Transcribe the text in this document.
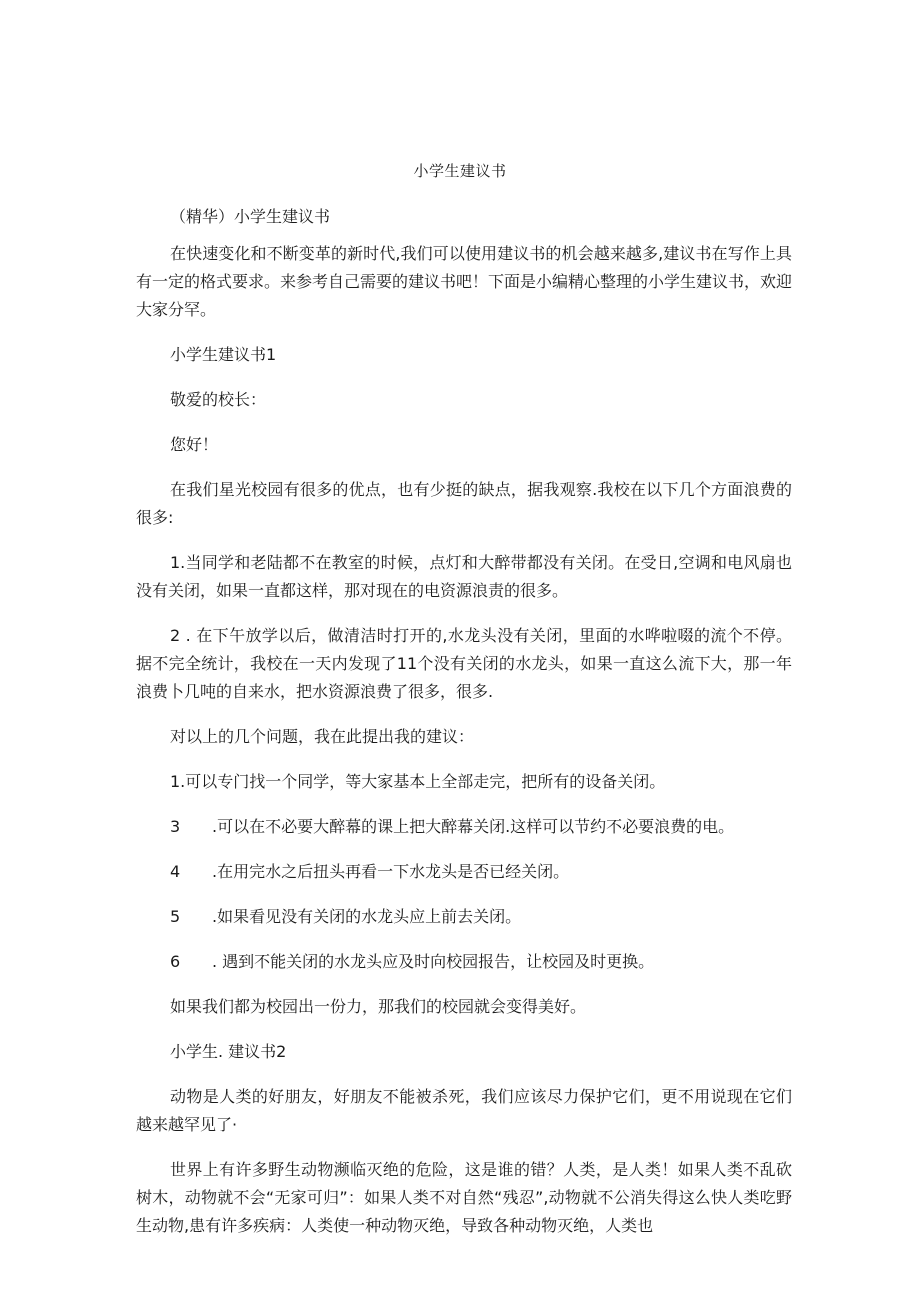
小学生建议书

（精华）小学生建议书

在快速变化和不断变革的新时代,我们可以使用建议书的机会越来越多,建议书在写作上具有一定的格式要求。来参考自己需要的建议书吧！下面是小编精心整理的小学生建议书，欢迎大家分罕。

小学生建议书1

敬爱的校长：

您好！

在我们星光校园有很多的优点，也有少挺的缺点，据我观察.我校在以下几个方面浪费的很多:

1.当同学和老陆都不在教室的时候，点灯和大醉带都没有关闭。在受日,空调和电风扇也没有关闭，如果一直都这样，那对现在的电资源浪责的很多。

2 . 在下午放学以后，做清洁时打开的,水龙头没有关闭，里面的水哗啦啜的流个不停。据不完全统计，我校在一天内发现了11个没有关闭的水龙头，如果一直这么流下大，那一年浪费卜几吨的自来水，把水资源浪费了很多，很多.

对以上的几个问题，我在此提出我的建议：

1.可以专门找一个同学，等大家基本上全部走完，把所有的设备关闭。

3	.可以在不必要大醉幕的课上把大醉幕关闭.这样可以节约不必要浪费的电。
4	.在用完水之后扭头再看一下水龙头是否已经关闭。
5	.如果看见没有关闭的水龙头应上前去关闭。
6	. 遇到不能关闭的水龙头应及时向校园报告，让校园及时更换。

如果我们都为校园出一份力，那我们的校园就会变得美好。

小学生. 建议书2

动物是人类的好朋友，好朋友不能被杀死，我们应该尽力保护它们，更不用说现在它们越来越罕见了·

世界上有许多野生动物濒临灭绝的危险，这是谁的错？人类，是人类！如果人类不乱砍树木，动物就不会“无家可归”：如果人类不对自然“残忍”,动物就不公消失得这么快人类吃野生动物,患有许多疾病：人类使一种动物灭绝，导致各种动物灭绝，人类也
